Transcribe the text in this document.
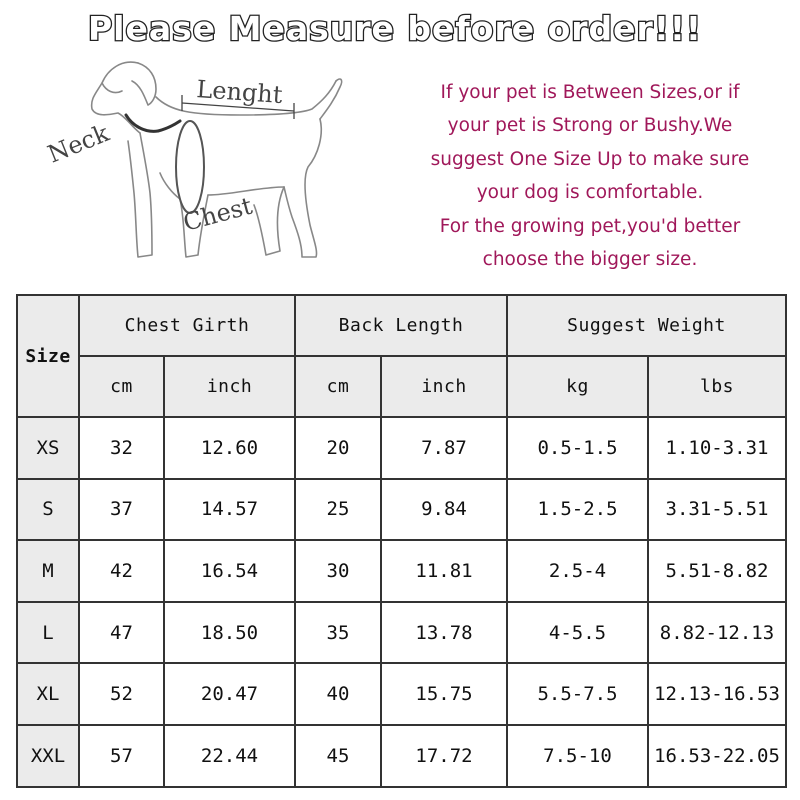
Please Measure before order!!!
Lenght
Neck
Chest
If your pet is Between Sizes,or if
your pet is Strong or Bushy.We
suggest One Size Up to make sure
your dog is comfortable.
For the growing pet,you'd better
choose the bigger size.
Size	Chest Girth		Back Length		Suggest Weight	
	cm	inch	cm	inch	kg	lbs
XS	32	12.60	20	7.87	0.5-1.5	1.10-3.31
S	37	14.57	25	9.84	1.5-2.5	3.31-5.51
M	42	16.54	30	11.81	2.5-4	5.51-8.82
L	47	18.50	35	13.78	4-5.5	8.82-12.13
XL	52	20.47	40	15.75	5.5-7.5	12.13-16.53
XXL	57	22.44	45	17.72	7.5-10	16.53-22.05
